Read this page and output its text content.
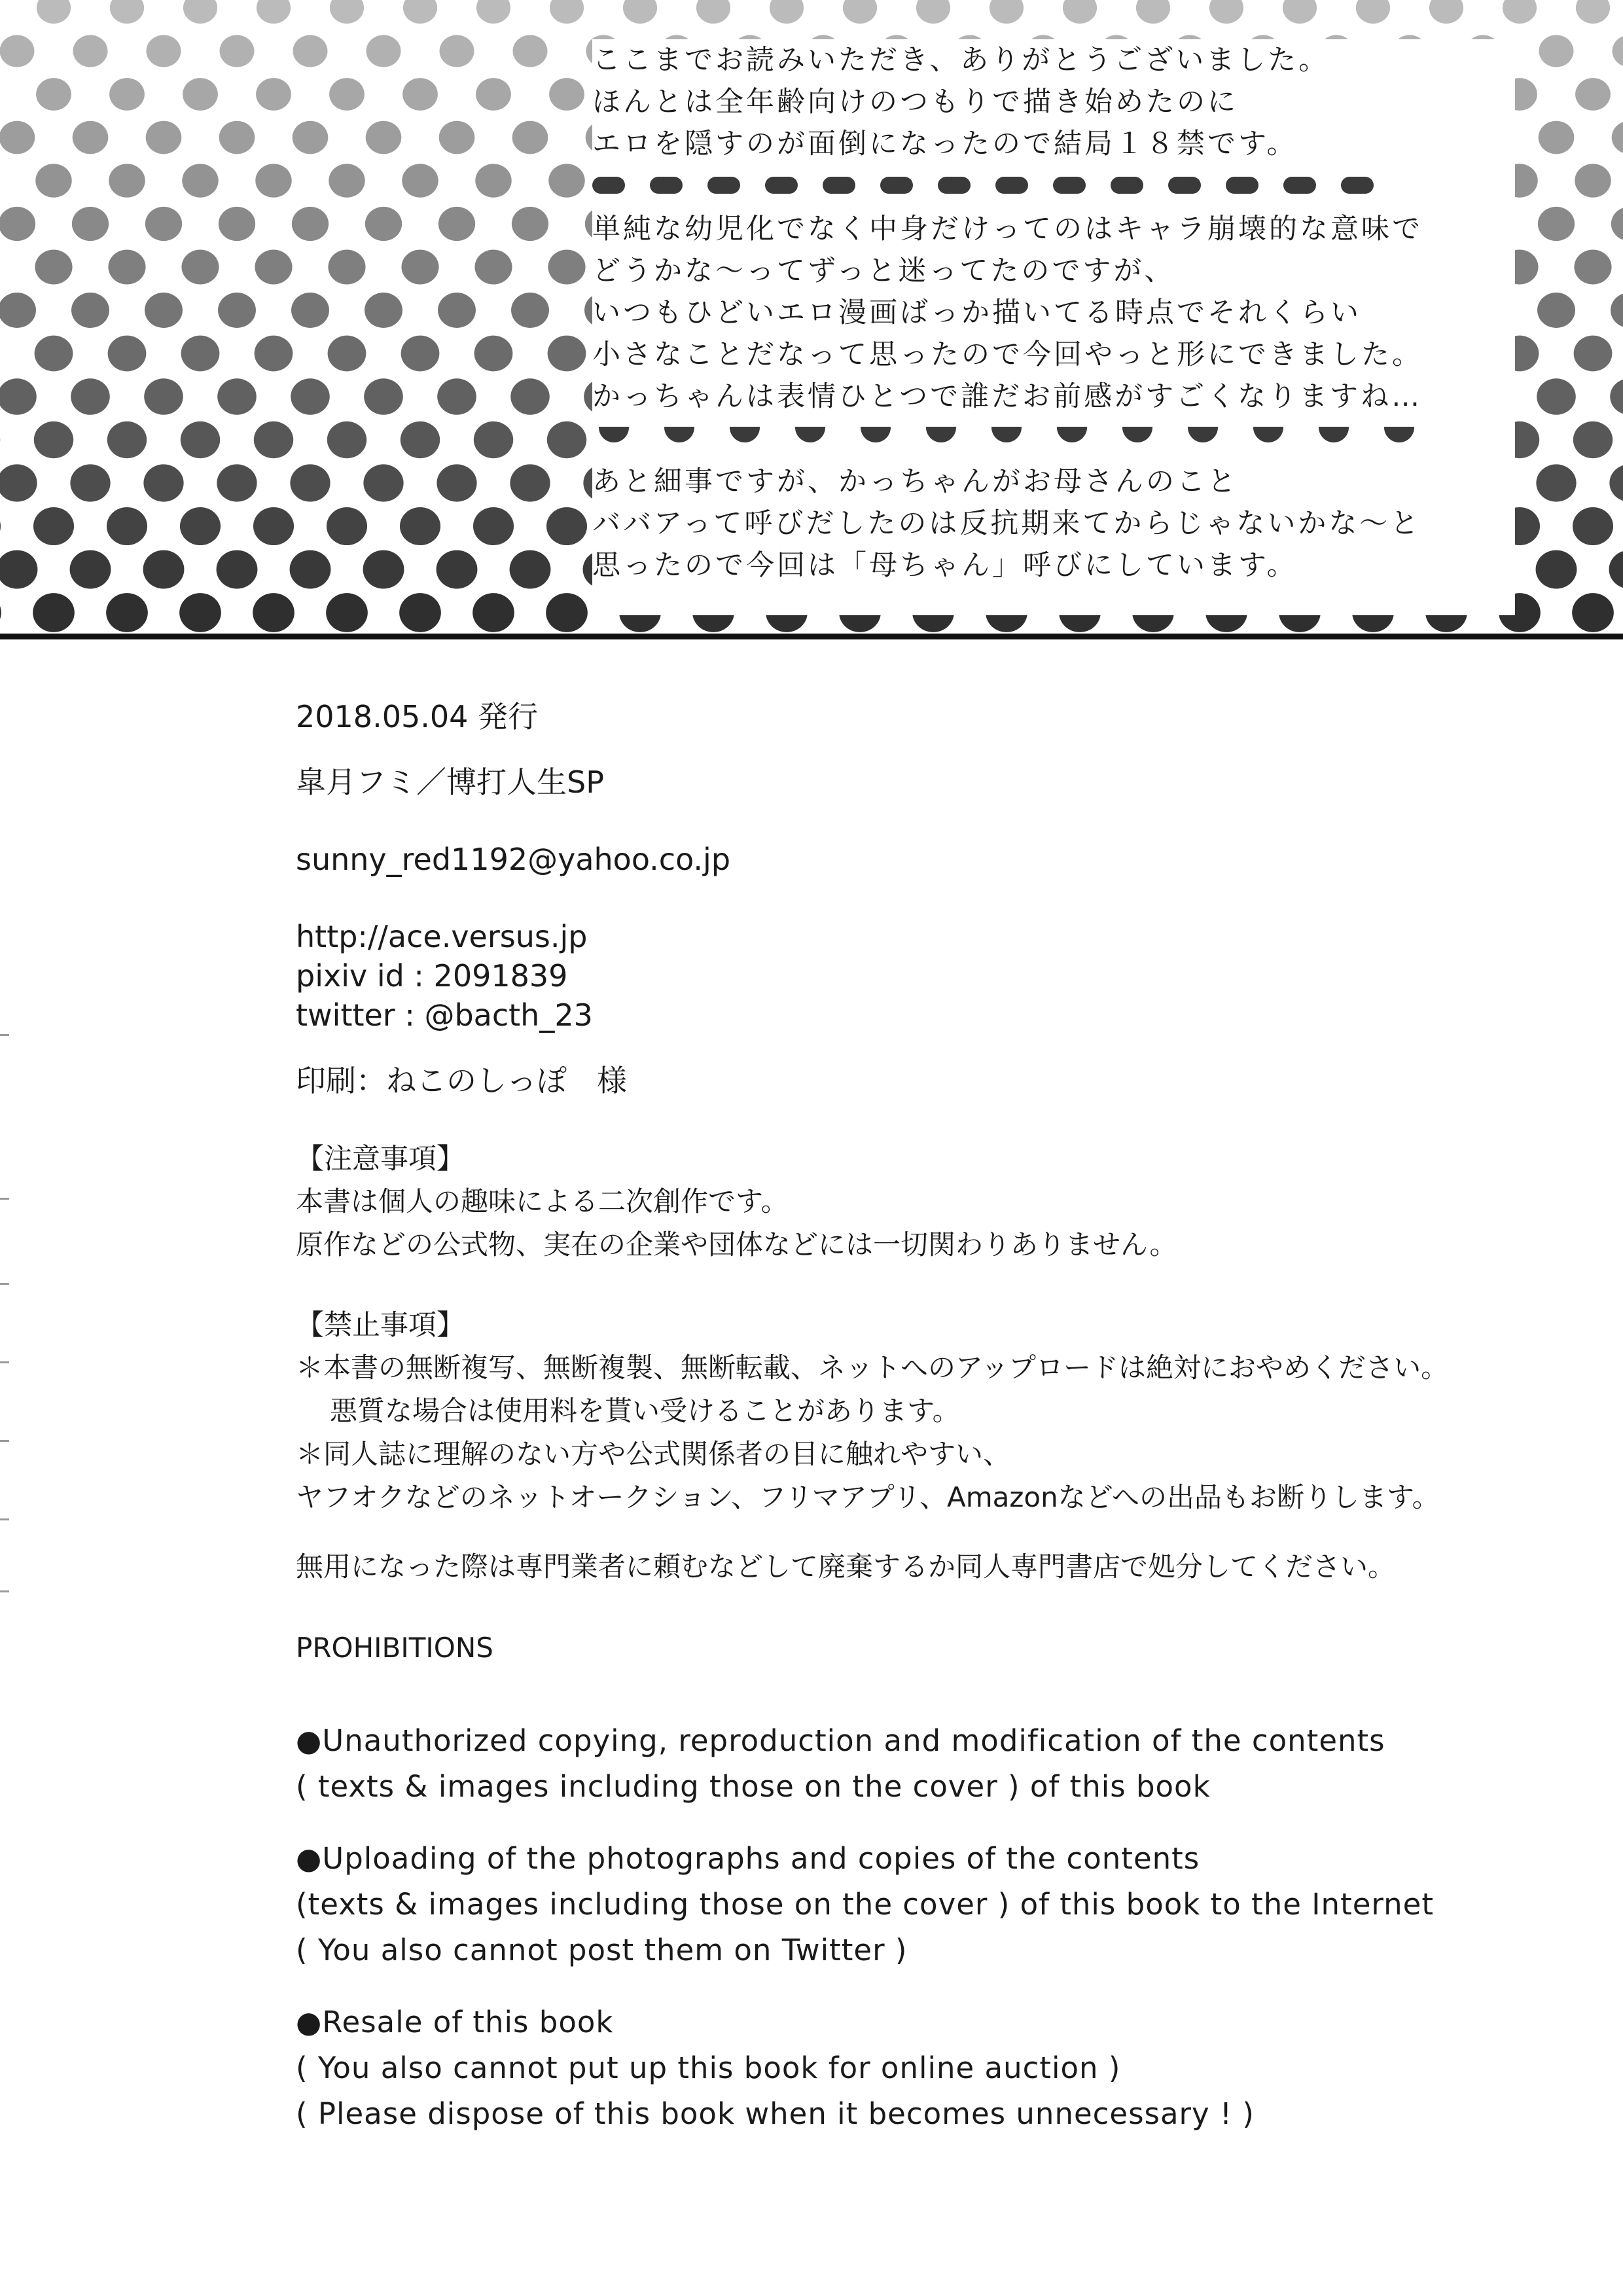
ここまでお読みいただき、ありがとうございました。
ほんとは全年齢向けのつもりで描き始めたのに
エロを隠すのが面倒になったので結局１８禁です。
単純な幼児化でなく中身だけってのはキャラ崩壊的な意味で
どうかな～ってずっと迷ってたのですが、
いつもひどいエロ漫画ばっか描いてる時点でそれくらい
小さなことだなって思ったので今回やっと形にできました。
かっちゃんは表情ひとつで誰だお前感がすごくなりますね…
あと細事ですが、かっちゃんがお母さんのこと
ババアって呼びだしたのは反抗期来てからじゃないかな～と
思ったので今回は「母ちゃん」呼びにしています。
2018.05.04 発行
皐月フミ／博打人生SP
sunny_red1192@yahoo.co.jp
http://ace.versus.jp
pixiv id : 2091839
twitter : @bacth_23
印刷：ねこのしっぽ　様
【注意事項】
本書は個人の趣味による二次創作です。
原作などの公式物、実在の企業や団体などには一切関わりありません。
【禁止事項】
＊本書の無断複写、無断複製、無断転載、ネットへのアップロードは絶対におやめください。
悪質な場合は使用料を貰い受けることがあります。
＊同人誌に理解のない方や公式関係者の目に触れやすい、
ヤフオクなどのネットオークション、フリマアプリ、Amazonなどへの出品もお断りします。
無用になった際は専門業者に頼むなどして廃棄するか同人専門書店で処分してください。
PROHIBITIONS
●Unauthorized copying, reproduction and modification of the contents
( texts & images including those on the cover ) of this book
●Uploading of the photographs and copies of the contents
(texts & images including those on the cover ) of this book to the Internet
( You also cannot post them on Twitter )
●Resale of this book
( You also cannot put up this book for online auction )
( Please dispose of this book when it becomes unnecessary ! )
